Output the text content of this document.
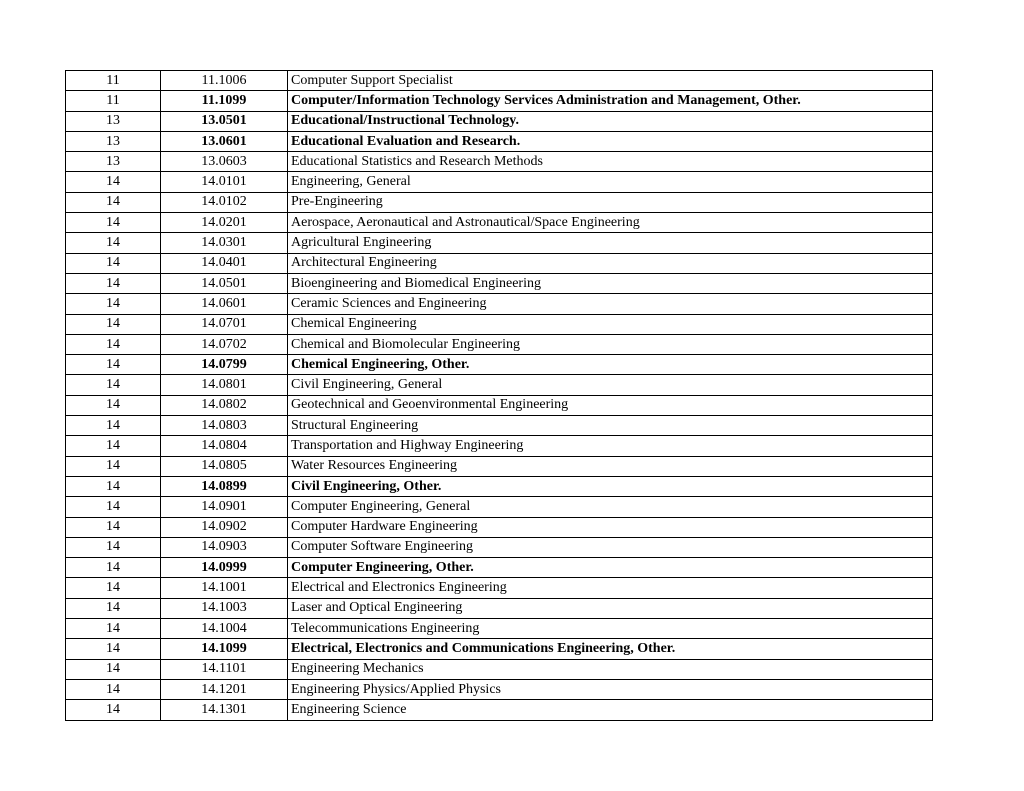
11	11.1006	Computer Support Specialist
11	11.1099	Computer/Information Technology Services Administration and Management, Other.
13	13.0501	Educational/Instructional Technology.
13	13.0601	Educational Evaluation and Research.
13	13.0603	Educational Statistics and Research Methods
14	14.0101	Engineering, General
14	14.0102	Pre-Engineering
14	14.0201	Aerospace, Aeronautical and Astronautical/Space Engineering
14	14.0301	Agricultural Engineering
14	14.0401	Architectural Engineering
14	14.0501	Bioengineering and Biomedical Engineering
14	14.0601	Ceramic Sciences and Engineering
14	14.0701	Chemical Engineering
14	14.0702	Chemical and Biomolecular Engineering
14	14.0799	Chemical Engineering, Other.
14	14.0801	Civil Engineering, General
14	14.0802	Geotechnical and Geoenvironmental Engineering
14	14.0803	Structural Engineering
14	14.0804	Transportation and Highway Engineering
14	14.0805	Water Resources Engineering
14	14.0899	Civil Engineering, Other.
14	14.0901	Computer Engineering, General
14	14.0902	Computer Hardware Engineering
14	14.0903	Computer Software Engineering
14	14.0999	Computer Engineering, Other.
14	14.1001	Electrical and Electronics Engineering
14	14.1003	Laser and Optical Engineering
14	14.1004	Telecommunications Engineering
14	14.1099	Electrical, Electronics and Communications Engineering, Other.
14	14.1101	Engineering Mechanics
14	14.1201	Engineering Physics/Applied Physics
14	14.1301	Engineering Science
